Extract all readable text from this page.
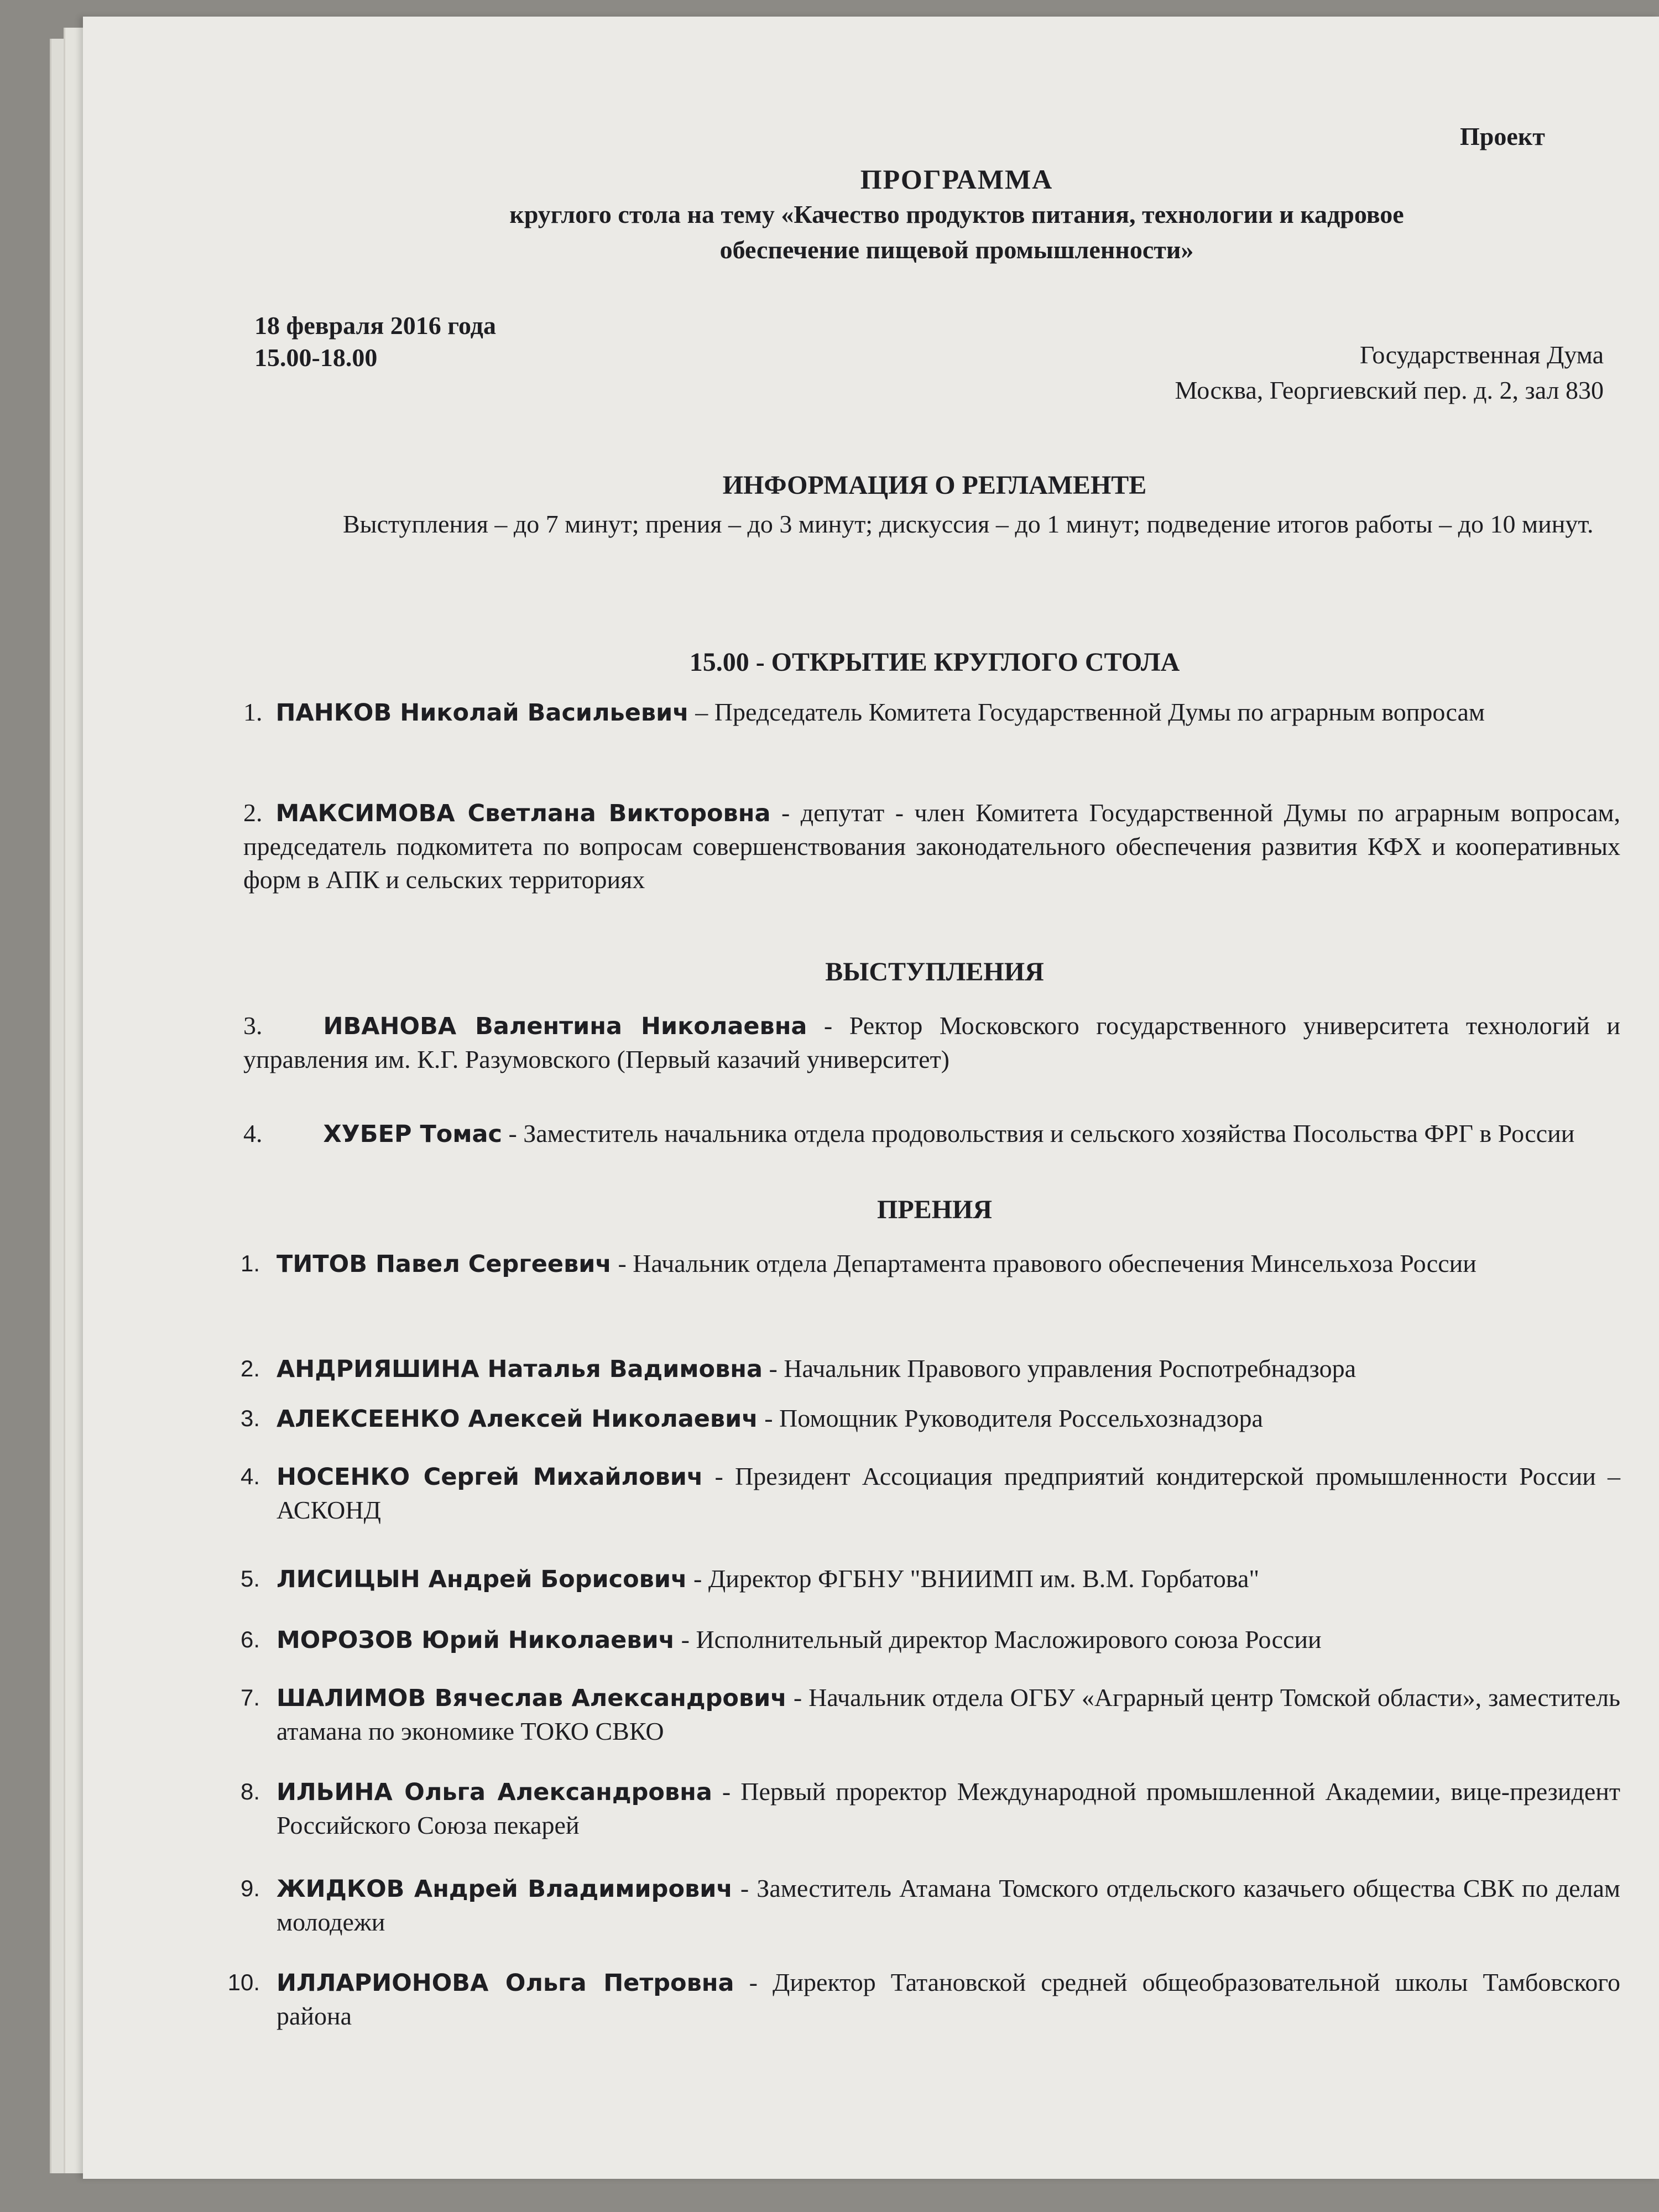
Проект

ПРОГРАММА
круглого стола на тему «Качество продуктов питания, технологии и кадровое
обеспечение пищевой промышленности»
18 февраля 2016 года
15.00-18.00	Государственная Дума
Москва, Георгиевский пер. д. 2, зал 830

ИНФОРМАЦИЯ О РЕГЛАМЕНТЕ

Выступления – до 7 минут; прения – до 3 минут; дискуссия – до 1 минут; подведение итогов работы – до 10 минут.

15.00 - ОТКРЫТИЕ КРУГЛОГО СТОЛА

1. ПАНКОВ Николай Васильевич – Председатель Комитета Государственной Думы по аграрным вопросам
2. МАКСИМОВА Светлана Викторовна - депутат - член Комитета Государственной Думы по аграрным вопросам, председатель подкомитета по вопросам совершенствования законодательного обеспечения развития КФХ и кооперативных форм в АПК и сельских территориях

ВЫСТУПЛЕНИЯ

3.	ИВАНОВА Валентина Николаевна - Ректор Московского государственного университета технологий и управления им. К.Г. Разумовского (Первый казачий университет)
4.	ХУБЕР Томас - Заместитель начальника отдела продовольствия и сельского хозяйства Посольства ФРГ в России

ПРЕНИЯ

1. ТИТОВ Павел Сергеевич - Начальник отдела Департамента правового обеспечения Минсельхоза России
2. АНДРИЯШИНА Наталья Вадимовна - Начальник Правового управления Роспотребнадзора
3. АЛЕКСЕЕНКО Алексей Николаевич - Помощник Руководителя Россельхознадзора
4. НОСЕНКО Сергей Михайлович - Президент Ассоциация предприятий кондитерской промышленности России – АСКОНД
5. ЛИСИЦЫН Андрей Борисович - Директор ФГБНУ "ВНИИМП им. В.М. Горбатова"
6. МОРОЗОВ Юрий Николаевич - Исполнительный директор Масложирового союза России
7. ШАЛИМОВ Вячеслав Александрович - Начальник отдела ОГБУ «Аграрный центр Томской области», заместитель атамана по экономике ТОКО СВКО
8. ИЛЬИНА Ольга Александровна - Первый проректор Международной промышленной Академии, вице-президент Российского Союза пекарей
9. ЖИДКОВ Андрей Владимирович - Заместитель Атамана Томского отдельского казачьего общества СВК по делам молодежи
10. ИЛЛАРИОНОВА Ольга Петровна - Директор Татановской средней общеобразовательной школы Тамбовского района
